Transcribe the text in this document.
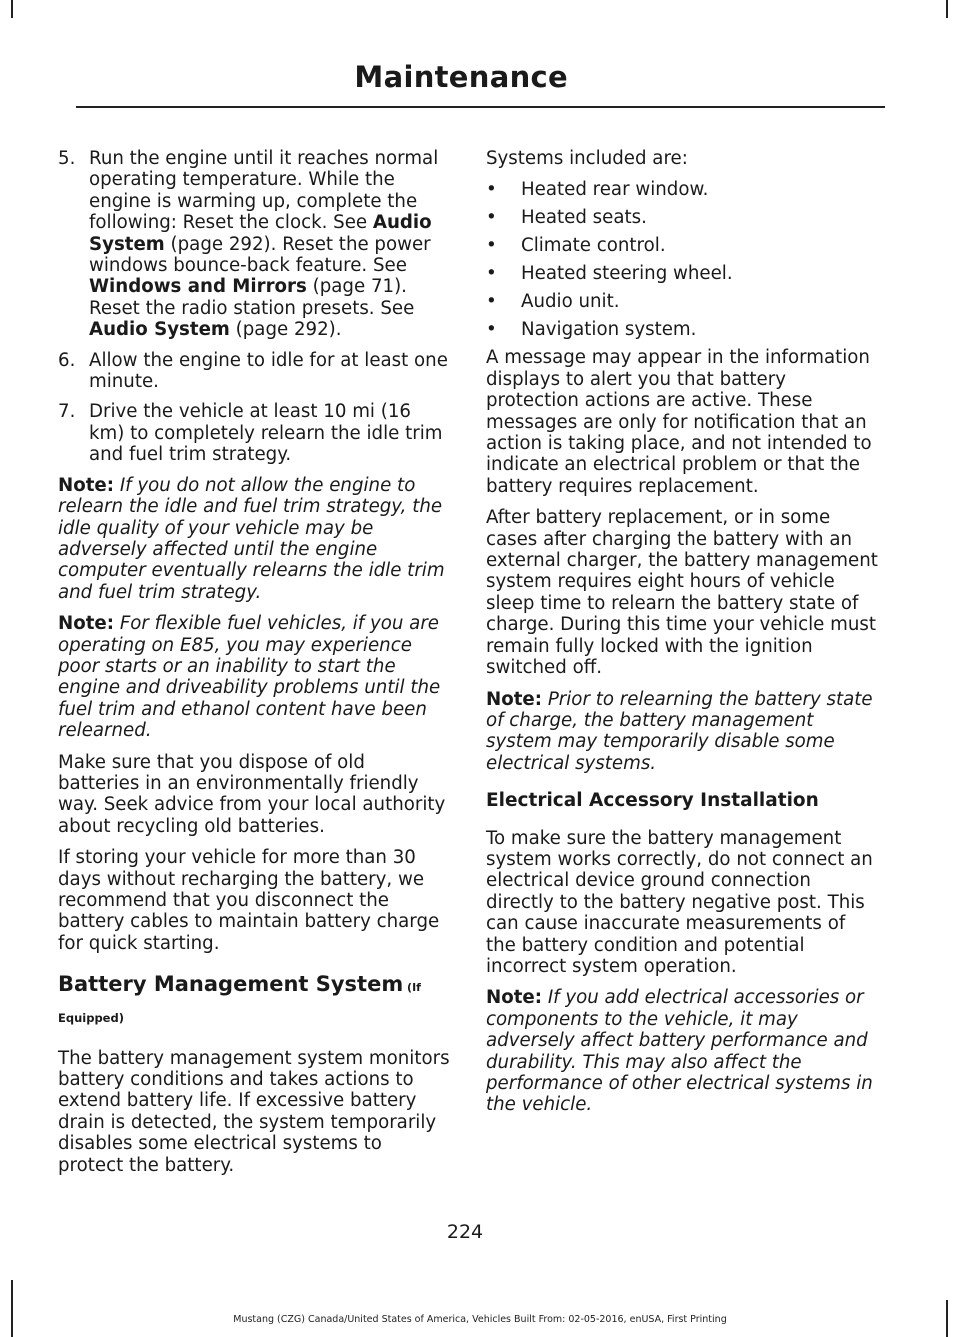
Maintenance
5. Run the engine until it reaches normal operating temperature. While the engine is warming up, complete the following: Reset the clock. See Audio System (page 292). Reset the power windows bounce-back feature. See Windows and Mirrors (page 71). Reset the radio station presets. See Audio System (page 292).
6. Allow the engine to idle for at least one minute.
7. Drive the vehicle at least 10 mi (16 km) to completely relearn the idle trim and fuel trim strategy.

Note: If you do not allow the engine to relearn the idle and fuel trim strategy, the idle quality of your vehicle may be adversely affected until the engine computer eventually relearns the idle trim and fuel trim strategy.

Note: For flexible fuel vehicles, if you are operating on E85, you may experience poor starts or an inability to start the engine and driveability problems until the fuel trim and ethanol content have been relearned.

Make sure that you dispose of old batteries in an environmentally friendly way. Seek advice from your local authority about recycling old batteries.

If storing your vehicle for more than 30 days without recharging the battery, we recommend that you disconnect the battery cables to maintain battery charge for quick starting.

Battery Management System (If
Equipped)

The battery management system monitors battery conditions and takes actions to extend battery life. If excessive battery drain is detected, the system temporarily disables some electrical systems to protect the battery.

Systems included are:

• Heated rear window.
• Heated seats.
• Climate control.
• Heated steering wheel.
• Audio unit.
• Navigation system.

A message may appear in the information displays to alert you that battery protection actions are active. These messages are only for notification that an action is taking place, and not intended to indicate an electrical problem or that the battery requires replacement.

After battery replacement, or in some cases after charging the battery with an external charger, the battery management system requires eight hours of vehicle sleep time to relearn the battery state of charge. During this time your vehicle must remain fully locked with the ignition switched off.

Note: Prior to relearning the battery state of charge, the battery management system may temporarily disable some electrical systems.

Electrical Accessory Installation

To make sure the battery management system works correctly, do not connect an electrical device ground connection directly to the battery negative post. This can cause inaccurate measurements of the battery condition and potential incorrect system operation.

Note: If you add electrical accessories or components to the vehicle, it may adversely affect battery performance and durability. This may also affect the performance of other electrical systems in the vehicle.

224
Mustang (CZG) Canada/United States of America, Vehicles Built From: 02-05-2016, enUSA, First Printing
